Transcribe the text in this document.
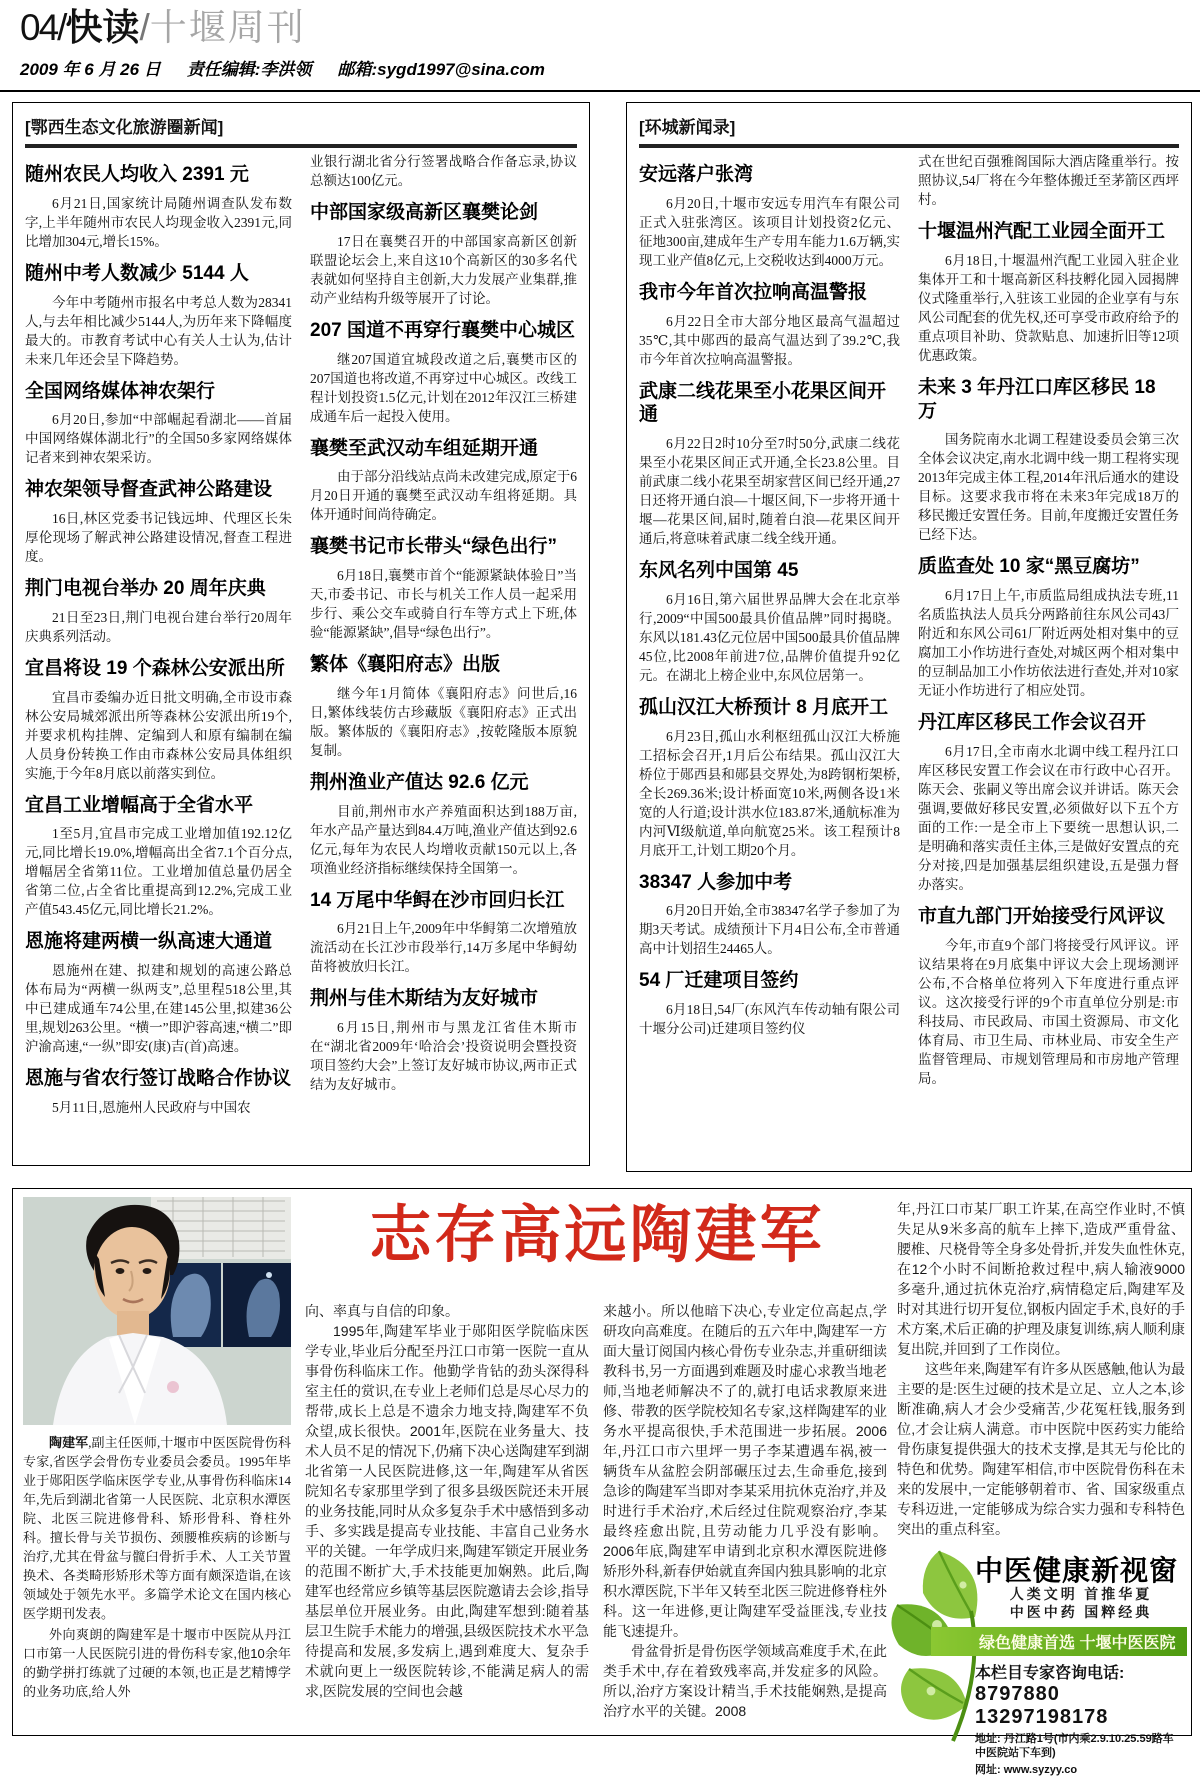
04/快读/十堰周刊
2009 年 6 月 26 日 责任编辑:李洪领 邮箱:sygd1997@sina.com
[鄂西生态文化旅游圈新闻]
随州农民人均收入 2391 元

6月21日,国家统计局随州调查队发布数字,上半年随州市农民人均现金收入2391元,同比增加304元,增长15%。

随州中考人数减少 5144 人

今年中考随州市报名中考总人数为28341人,与去年相比减少5144人,为历年来下降幅度最大的。市教育考试中心有关人士认为,估计未来几年还会呈下降趋势。

全国网络媒体神农架行

6月20日,参加“中部崛起看湖北——首届中国网络媒体湖北行”的全国50多家网络媒体记者来到神农架采访。

神农架领导督查武神公路建设

16日,林区党委书记钱远坤、代理区长朱厚伦现场了解武神公路建设情况,督查工程进度。

荆门电视台举办 20 周年庆典

21日至23日,荆门电视台建台举行20周年庆典系列活动。

宜昌将设 19 个森林公安派出所

宜昌市委编办近日批文明确,全市设市森林公安局城郊派出所等森林公安派出所19个,并要求机构挂牌、定编到人和原有编制在编人员身份转换工作由市森林公安局具体组织实施,于今年8月底以前落实到位。

宜昌工业增幅高于全省水平

1至5月,宜昌市完成工业增加值192.12亿元,同比增长19.0%,增幅高出全省7.1个百分点,增幅居全省第11位。工业增加值总量仍居全省第二位,占全省比重提高到12.2%,完成工业产值543.45亿元,同比增长21.2%。

恩施将建两横一纵高速大通道

恩施州在建、拟建和规划的高速公路总体布局为“两横一纵两支”,总里程518公里,其中已建成通车74公里,在建145公里,拟建36公里,规划263公里。“横一”即沪蓉高速,“横二”即沪渝高速,“一纵”即安(康)吉(首)高速。

恩施与省农行签订战略合作协议

5月11日,恩施州人民政府与中国农

业银行湖北省分行签署战略合作备忘录,协议总额达100亿元。

中部国家级高新区襄樊论剑

17日在襄樊召开的中部国家高新区创新联盟论坛会上,来自这10个高新区的30多名代表就如何坚持自主创新,大力发展产业集群,推动产业结构升级等展开了讨论。

207 国道不再穿行襄樊中心城区

继207国道宜城段改道之后,襄樊市区的207国道也将改道,不再穿过中心城区。改线工程计划投资1.5亿元,计划在2012年汉江三桥建成通车后一起投入使用。

襄樊至武汉动车组延期开通

由于部分沿线站点尚未改建完成,原定于6月20日开通的襄樊至武汉动车组将延期。具体开通时间尚待确定。

襄樊书记市长带头“绿色出行”

6月18日,襄樊市首个“能源紧缺体验日”当天,市委书记、市长与机关工作人员一起采用步行、乘公交车或骑自行车等方式上下班,体验“能源紧缺”,倡导“绿色出行”。

繁体《襄阳府志》出版

继今年1月简体《襄阳府志》问世后,16日,繁体线装仿古珍藏版《襄阳府志》正式出版。繁体版的《襄阳府志》,按乾隆版本原貌复制。

荆州渔业产值达 92.6 亿元

目前,荆州市水产养殖面积达到188万亩,年水产品产量达到84.4万吨,渔业产值达到92.6亿元,每年为农民人均增收贡献150元以上,各项渔业经济指标继续保持全国第一。

14 万尾中华鲟在沙市回归长江

6月21日上午,2009年中华鲟第二次增殖放流活动在长江沙市段举行,14万多尾中华鲟幼苗将被放归长江。

荆州与佳木斯结为友好城市

6月15日,荆州市与黑龙江省佳木斯市在“湖北省2009年‘哈洽会’投资说明会暨投资项目签约大会”上签订友好城市协议,两市正式结为友好城市。

[环城新闻录]
安远落户张湾

6月20日,十堰市安远专用汽车有限公司正式入驻张湾区。该项目计划投资2亿元、征地300亩,建成年生产专用车能力1.6万辆,实现工业产值8亿元,上交税收达到4000万元。

我市今年首次拉响高温警报

6月22日全市大部分地区最高气温超过35℃,其中郧西的最高气温达到了39.2℃,我市今年首次拉响高温警报。

武康二线花果至小花果区间开通

6月22日2时10分至7时50分,武康二线花果至小花果区间正式开通,全长23.8公里。目前武康二线小花果至胡家营区间已经开通,27日还将开通白浪—十堰区间,下一步将开通十堰—花果区间,届时,随着白浪—花果区间开通后,将意味着武康二线全线开通。

东风名列中国第 45

6月16日,第六届世界品牌大会在北京举行,2009“中国500最具价值品牌”同时揭晓。东风以181.43亿元位居中国500最具价值品牌45位,比2008年前进7位,品牌价值提升92亿元。在湖北上榜企业中,东风位居第一。

孤山汉江大桥预计 8 月底开工

6月23日,孤山水利枢纽孤山汉江大桥施工招标会召开,1月后公布结果。孤山汉江大桥位于郧西县和郧县交界处,为8跨钢桁架桥,全长269.36米;设计桥面宽10米,两侧各设1米宽的人行道;设计洪水位183.87米,通航标准为内河Ⅵ级航道,单向航宽25米。该工程预计8月底开工,计划工期20个月。

38347 人参加中考

6月20日开始,全市38347名学子参加了为期3天考试。成绩预计下月4日公布,全市普通高中计划招生24465人。

54 厂迁建项目签约

6月18日,54厂(东风汽车传动轴有限公司十堰分公司)迁建项目签约仪

式在世纪百强雅阁国际大酒店隆重举行。按照协议,54厂将在今年整体搬迁至茅箭区西坪村。

十堰温州汽配工业园全面开工

6月18日,十堰温州汽配工业园入驻企业集体开工和十堰高新区科技孵化园入园揭牌仪式隆重举行,入驻该工业园的企业享有与东风公司配套的优先权,还可享受市政府给予的重点项目补助、贷款贴息、加速折旧等12项优惠政策。

未来 3 年丹江口库区移民 18 万

国务院南水北调工程建设委员会第三次全体会议决定,南水北调中线一期工程将实现2013年完成主体工程,2014年汛后通水的建设目标。这要求我市将在未来3年完成18万的移民搬迁安置任务。目前,年度搬迁安置任务已经下达。

质监查处 10 家“黑豆腐坊”

6月17日上午,市质监局组成执法专班,11名质监执法人员兵分两路前往东风公司43厂附近和东风公司61厂附近两处相对集中的豆腐加工小作坊进行查处,对城区两个相对集中的豆制品加工小作坊依法进行查处,并对10家无证小作坊进行了相应处罚。

丹江库区移民工作会议召开

6月17日,全市南水北调中线工程丹江口库区移民安置工作会议在市行政中心召开。陈天会、张嗣义等出席会议并讲话。陈天会强调,要做好移民安置,必须做好以下五个方面的工作:一是全市上下要统一思想认识,二是明确和落实责任主体,三是做好安置点的充分对接,四是加强基层组织建设,五是强力督办落实。

市直九部门开始接受行风评议

今年,市直9个部门将接受行风评议。评议结果将在9月底集中评议大会上现场测评公布,不合格单位将列入下年度进行重点评议。这次接受行评的9个市直单位分别是:市科技局、市民政局、市国土资源局、市文化体育局、市卫生局、市林业局、市安全生产监督管理局、市规划管理局和市房地产管理局。

志存高远陶建军

陶建军,副主任医师,十堰市中医医院骨伤科专家,省医学会骨伤专业委员会委员。1995年毕业于郧阳医学临床医学专业,从事骨伤科临床14年,先后到湖北省第一人民医院、北京积水潭医院、北医三院进修骨科、矫形骨科、脊柱外科。擅长骨与关节损伤、颈腰椎疾病的诊断与治疗,尤其在骨盆与髋臼骨折手术、人工关节置换术、各类畸形矫形术等方面有颇深造诣,在该领域处于领先水平。多篇学术论文在国内核心医学期刊发表。

外向爽朗的陶建军是十堰市中医院从丹江口市第一人民医院引进的骨伤科专家,他10余年的勤学拼打练就了过硬的本领,也正是艺精博学的业务功底,给人外

向、率真与自信的印象。

1995年,陶建军毕业于郧阳医学院临床医学专业,毕业后分配至丹江口市第一医院一直从事骨伤科临床工作。他勤学肯钻的劲头深得科室主任的赏识,在专业上老师们总是尽心尽力的帮带,成长上总是不遗余力地支持,陶建军不负众望,成长很快。2001年,医院在业务量大、技术人员不足的情况下,仍痛下决心送陶建军到湖北省第一人民医院进修,这一年,陶建军从省医院知名专家那里学到了很多县级医院还未开展的业务技能,同时从众多复杂手术中感悟到多动手、多实践是提高专业技能、丰富自己业务水平的关键。一年学成归来,陶建军锁定开展业务的范围不断扩大,手术技能更加娴熟。此后,陶建军也经常应乡镇等基层医院邀请去会诊,指导基层单位开展业务。由此,陶建军想到:随着基层卫生院手术能力的增强,县级医院技术水平急待提高和发展,多发病上,遇到难度大、复杂手术就向更上一级医院转诊,不能满足病人的需求,医院发展的空间也会越

来越小。所以他暗下决心,专业定位高起点,学研攻向高难度。在随后的五六年中,陶建军一方面大量订阅国内核心骨伤专业杂志,并重研细读教科书,另一方面遇到难题及时虚心求教当地老师,当地老师解决不了的,就打电话求教原来进修、带教的医学院校知名专家,这样陶建军的业务水平提高很快,手术范围进一步拓展。2006年,丹江口市六里坪一男子李某遭遇车祸,被一辆货车从盆腔会阴部碾压过去,生命垂危,接到急诊的陶建军当即对李某采用抗休克治疗,并及时进行手术治疗,术后经过住院观察治疗,李某最终痊愈出院,且劳动能力几乎没有影响。2006年底,陶建军申请到北京积水潭医院进修矫形外科,新春伊始就直奔国内独具影响的北京积水潭医院,下半年又转至北医三院进修脊柱外科。这一年进修,更让陶建军受益匪浅,专业技能飞速提升。

骨盆骨折是骨伤医学领域高难度手术,在此类手术中,存在着致残率高,并发症多的风险。所以,治疗方案设计精当,手术技能娴熟,是提高治疗水平的关键。2008

年,丹江口市某厂职工许某,在高空作业时,不慎失足从9米多高的航车上摔下,造成严重骨盆、腰椎、尺桡骨等全身多处骨折,并发失血性休克,在12个小时不间断抢救过程中,病人输液9000多毫升,通过抗休克治疗,病情稳定后,陶建军及时对其进行切开复位,钢板内固定手术,良好的手术方案,术后正确的护理及康复训练,病人顺利康复出院,并回到了工作岗位。

这些年来,陶建军有许多从医感触,他认为最主要的是:医生过硬的技术是立足、立人之本,诊断准确,病人才会少受痛苦,少花冤枉钱,服务到位,才会让病人满意。市中医院中医药实力能给骨伤康复提供强大的技术支撑,是其无与伦比的特色和优势。陶建军相信,市中医院骨伤科在未来的发展中,一定能够朝着市、省、国家级重点专科迈进,一定能够成为综合实力强和专科特色突出的重点科室。

中医健康新视窗
人类文明 首推华夏
中医中药 国粹经典
绿色健康首选 十堰中医医院
本栏目专家咨询电话:
8797880 13297198178
地址: 丹江路1号(市内乘2.9.10.25.59路车 中医院站下车到)
网址: www.syzyy.co
